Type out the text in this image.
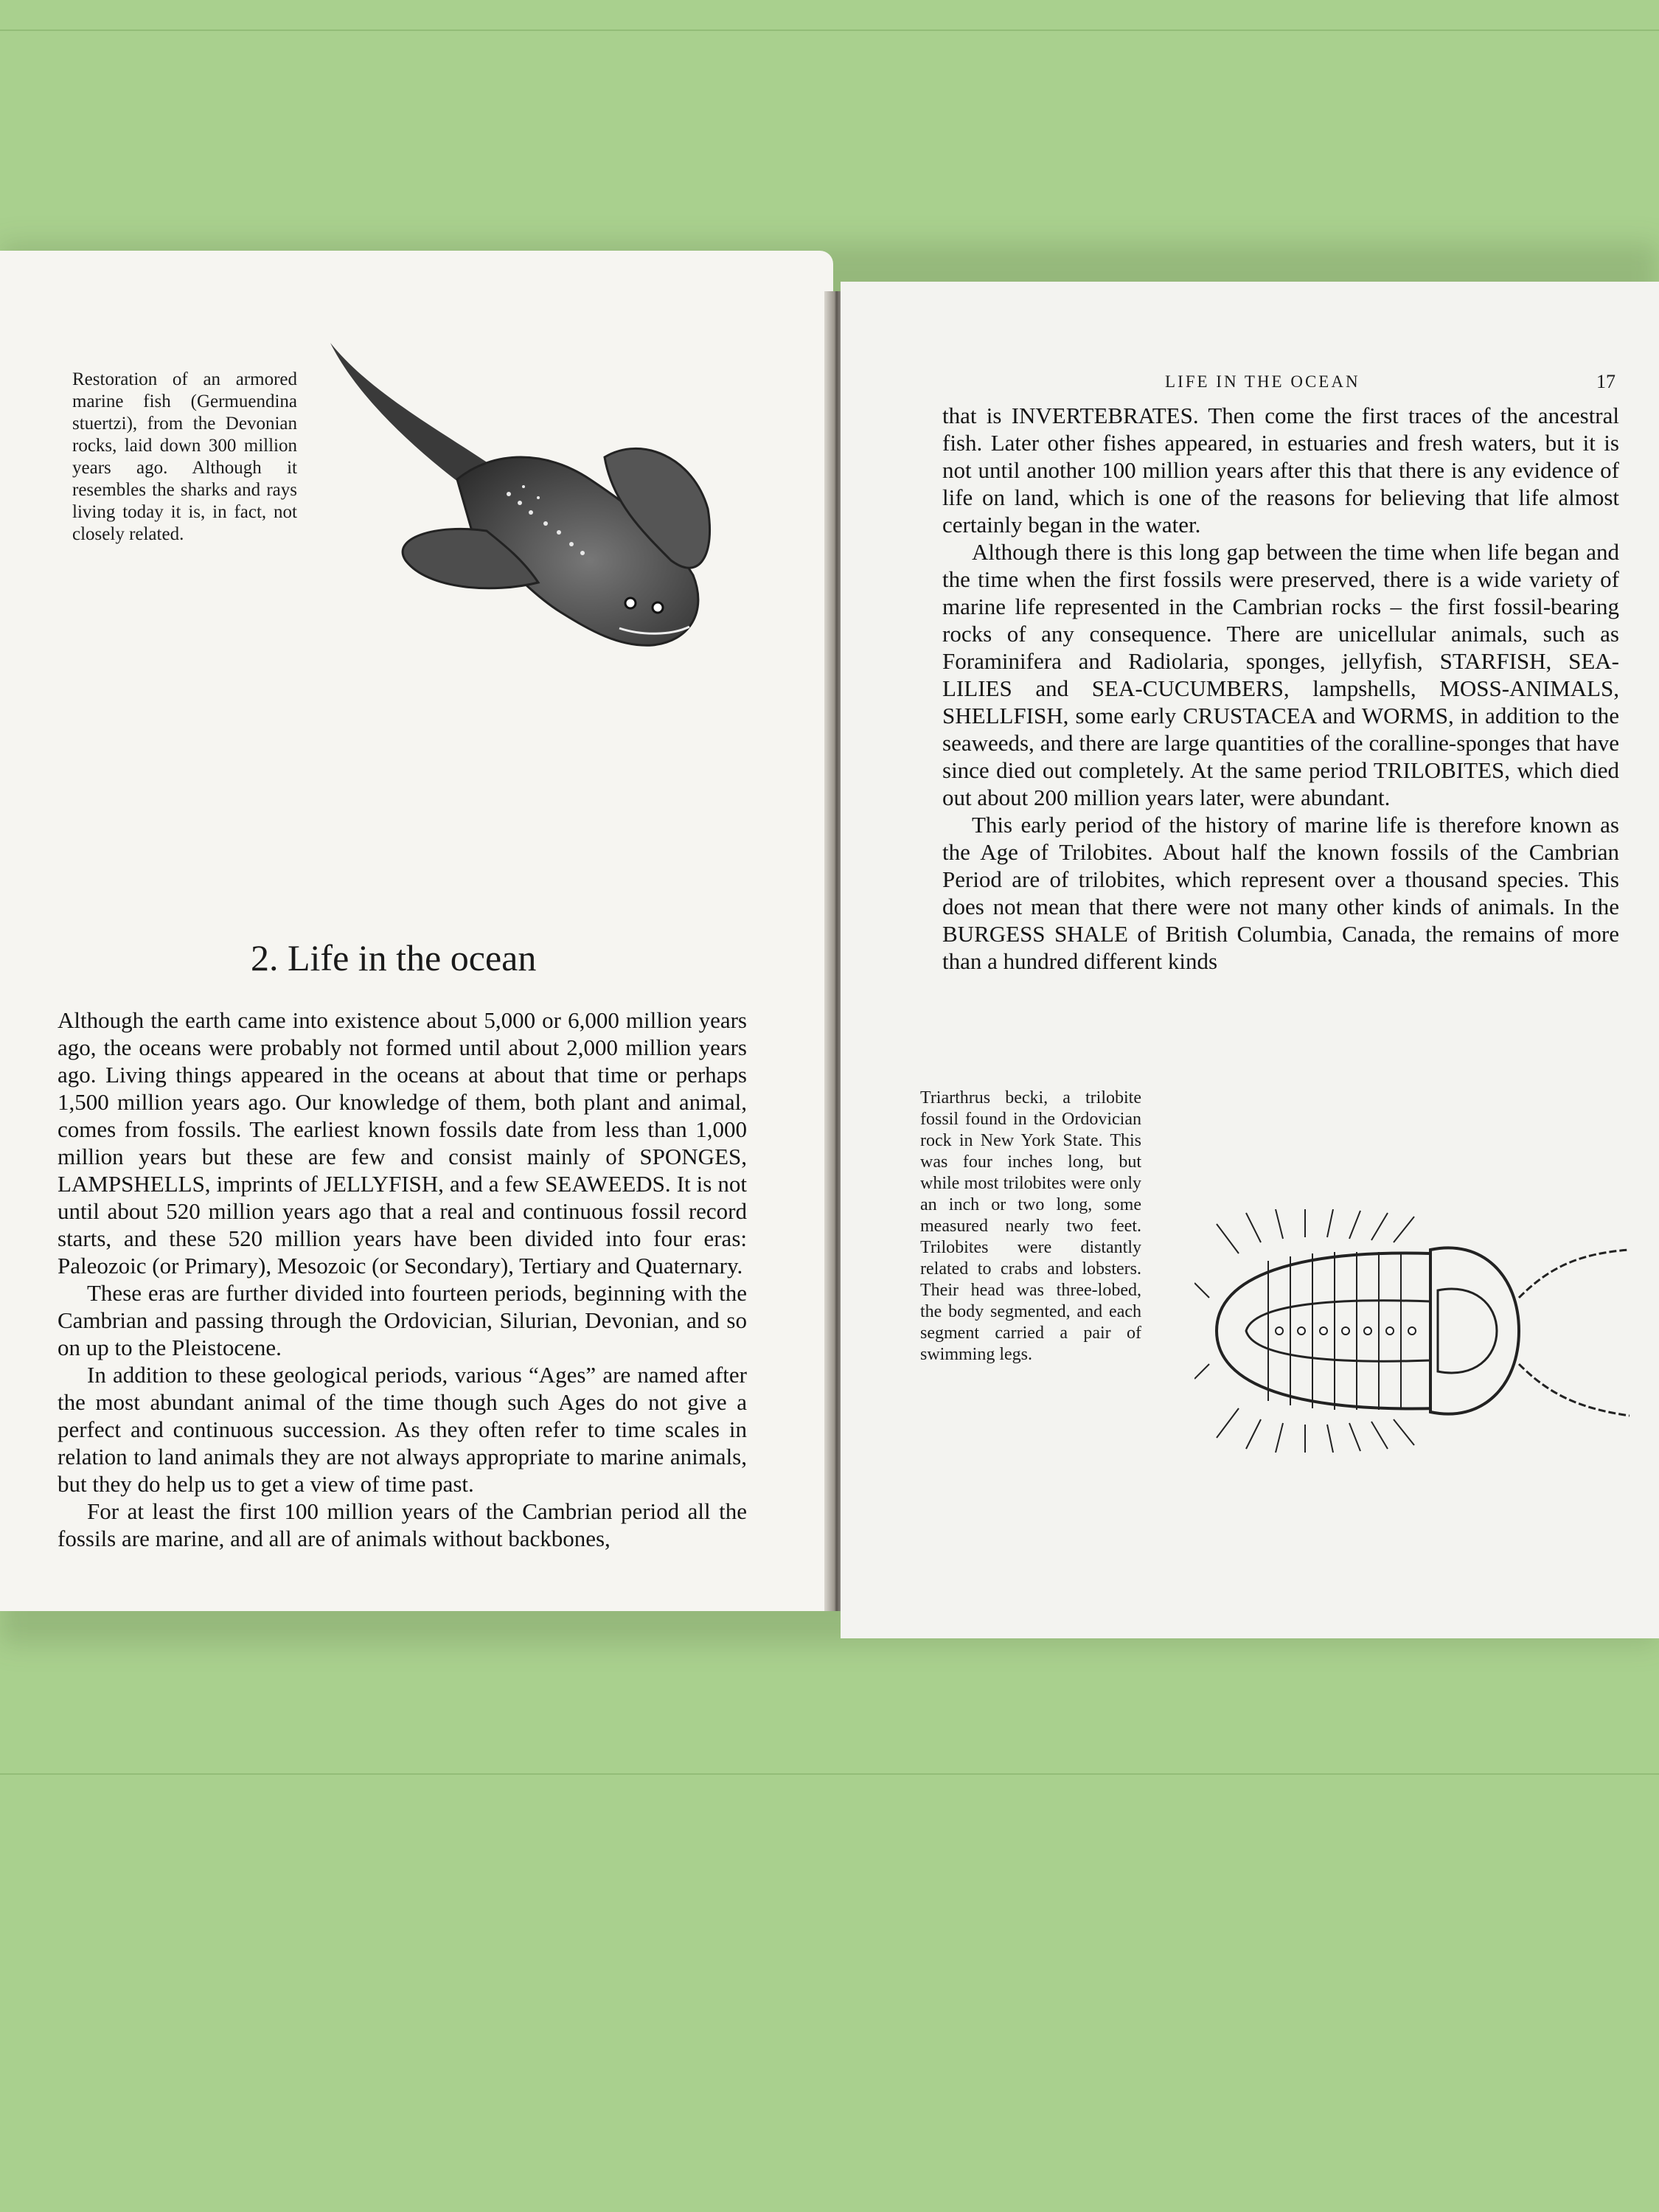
Restoration of an armored marine fish (Germuendina stuertzi), from the Devonian rocks, laid down 300 million years ago. Although it resembles the sharks and rays living today it is, in fact, not closely related.
2. Life in the ocean

Although the earth came into existence about 5,000 or 6,000 million years ago, the oceans were probably not formed until about 2,000 million years ago. Living things appeared in the oceans at about that time or perhaps 1,500 million years ago. Our knowledge of them, both plant and animal, comes from fossils. The earliest known fossils date from less than 1,000 million years but these are few and consist mainly of SPONGES, LAMPSHELLS, imprints of JELLYFISH, and a few SEAWEEDS. It is not until about 520 million years ago that a real and continuous fossil record starts, and these 520 million years have been divided into four eras: Paleozoic (or Primary), Mesozoic (or Secondary), Tertiary and Quaternary.

These eras are further divided into fourteen periods, beginning with the Cambrian and passing through the Ordovician, Silurian, Devonian, and so on up to the Pleistocene.

In addition to these geological periods, various “Ages” are named after the most abundant animal of the time though such Ages do not give a perfect and continuous succession. As they often refer to time scales in relation to land animals they are not always appropriate to marine animals, but they do help us to get a view of time past.

For at least the first 100 million years of the Cambrian period all the fossils are marine, and all are of animals without backbones,

LIFE IN THE OCEAN	17

that is INVERTEBRATES. Then come the first traces of the ancestral fish. Later other fishes appeared, in estuaries and fresh waters, but it is not until another 100 million years after this that there is any evidence of life on land, which is one of the reasons for believing that life almost certainly began in the water.

Although there is this long gap between the time when life began and the time when the first fossils were preserved, there is a wide variety of marine life represented in the Cambrian rocks – the first fossil-bearing rocks of any consequence. There are unicellular animals, such as Foraminifera and Radiolaria, sponges, jellyfish, STARFISH, SEA-LILIES and SEA-CUCUMBERS, lampshells, MOSS-ANIMALS, SHELLFISH, some early CRUSTACEA and WORMS, in addition to the seaweeds, and there are large quantities of the coralline-sponges that have since died out completely. At the same period TRILOBITES, which died out about 200 million years later, were abundant.

This early period of the history of marine life is therefore known as the Age of Trilobites. About half the known fossils of the Cambrian Period are of trilobites, which represent over a thousand species. This does not mean that there were not many other kinds of animals. In the BURGESS SHALE of British Columbia, Canada, the remains of more than a hundred different kinds

Triarthrus becki, a trilobite fossil found in the Ordovician rock in New York State. This was four inches long, but while most trilobites were only an inch or two long, some measured nearly two feet. Trilobites were distantly related to crabs and lobsters. Their head was three-lobed, the body segmented, and each segment carried a pair of swimming legs.
